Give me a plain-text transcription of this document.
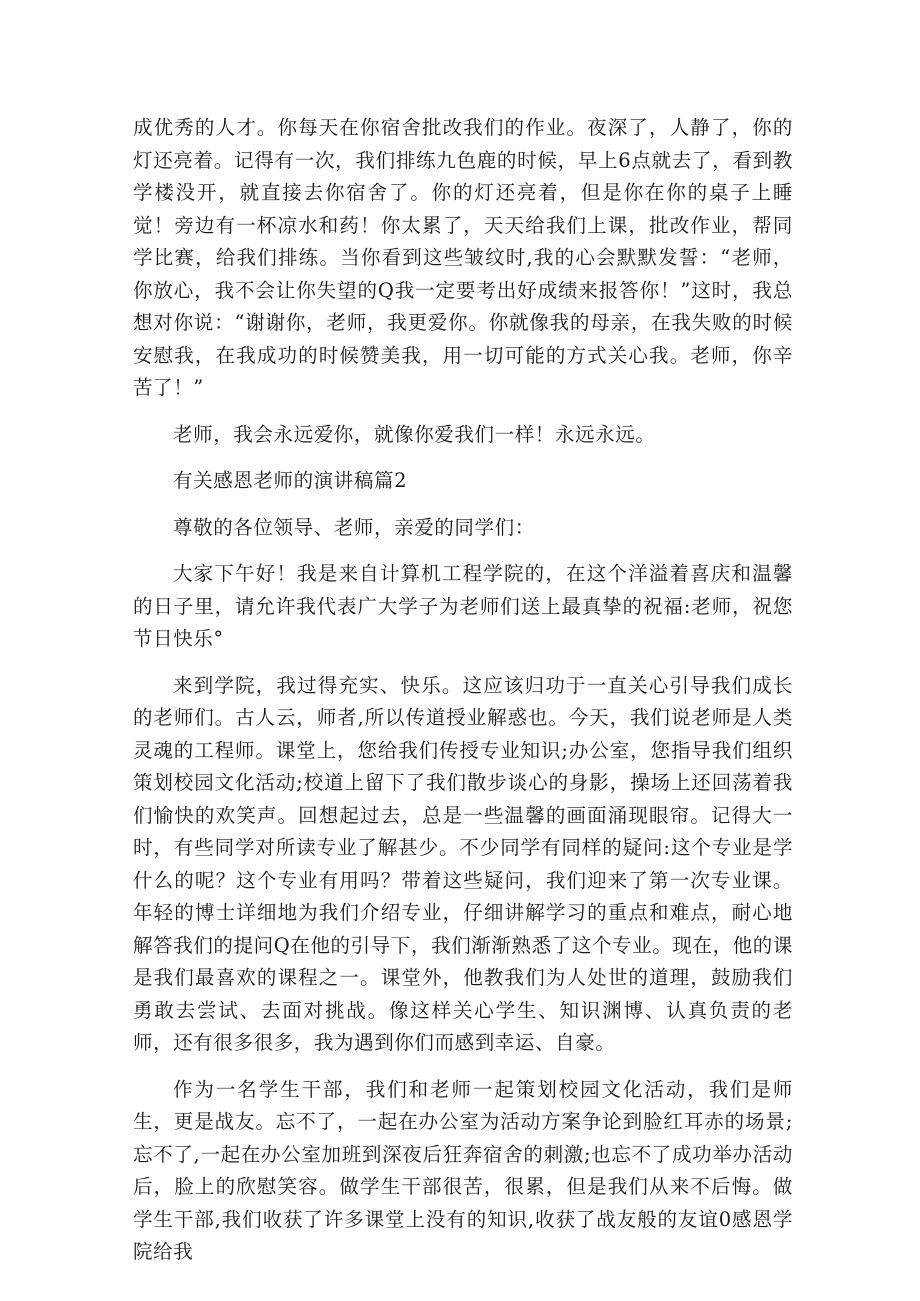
成优秀的人才。你每天在你宿舍批改我们的作业。夜深了，人静了，你的灯还亮着。记得有一次，我们排练九色鹿的时候，早上6点就去了，看到教学楼没开，就直接去你宿舍了。你的灯还亮着，但是你在你的桌子上睡觉！旁边有一杯凉水和药！你太累了，天天给我们上课，批改作业，帮同学比赛，给我们排练。当你看到这些皱纹时,我的心会默默发誓：“老师，你放心，我不会让你失望的Q我一定要考出好成绩来报答你！”这时，我总想对你说：“谢谢你，老师，我更爱你。你就像我的母亲，在我失败的时候安慰我，在我成功的时候赞美我，用一切可能的方式关心我。老师，你辛苦了！”

老师，我会永远爱你，就像你爱我们一样！永远永远。

有关感恩老师的演讲稿篇2

尊敬的各位领导、老师，亲爱的同学们：

大家下午好！我是来自计算机工程学院的，在这个洋溢着喜庆和温馨的日子里，请允许我代表广大学子为老师们送上最真挚的祝福:老师，祝您节日快乐°

来到学院，我过得充实、快乐。这应该归功于一直关心引导我们成长的老师们。古人云，师者,所以传道授业解惑也。今天，我们说老师是人类灵魂的工程师。课堂上，您给我们传授专业知识;办公室，您指导我们组织策划校园文化活动;校道上留下了我们散步谈心的身影，操场上还回荡着我们愉快的欢笑声。回想起过去，总是一些温馨的画面涌现眼帘。记得大一时，有些同学对所读专业了解甚少。不少同学有同样的疑问:这个专业是学什么的呢？这个专业有用吗？带着这些疑问，我们迎来了第一次专业课。年轻的博士详细地为我们介绍专业，仔细讲解学习的重点和难点，耐心地解答我们的提问Q在他的引导下，我们渐渐熟悉了这个专业。现在，他的课是我们最喜欢的课程之一。课堂外，他教我们为人处世的道理，鼓励我们勇敢去尝试、去面对挑战。像这样关心学生、知识渊博、认真负责的老师，还有很多很多，我为遇到你们而感到幸运、自豪。

作为一名学生干部，我们和老师一起策划校园文化活动，我们是师生，更是战友。忘不了，一起在办公室为活动方案争论到脸红耳赤的场景;忘不了,一起在办公室加班到深夜后狂奔宿舍的刺激;也忘不了成功举办活动后，脸上的欣慰笑容。做学生干部很苦，很累，但是我们从来不后悔。做学生干部,我们收获了许多课堂上没有的知识,收获了战友般的友谊0感恩学院给我
